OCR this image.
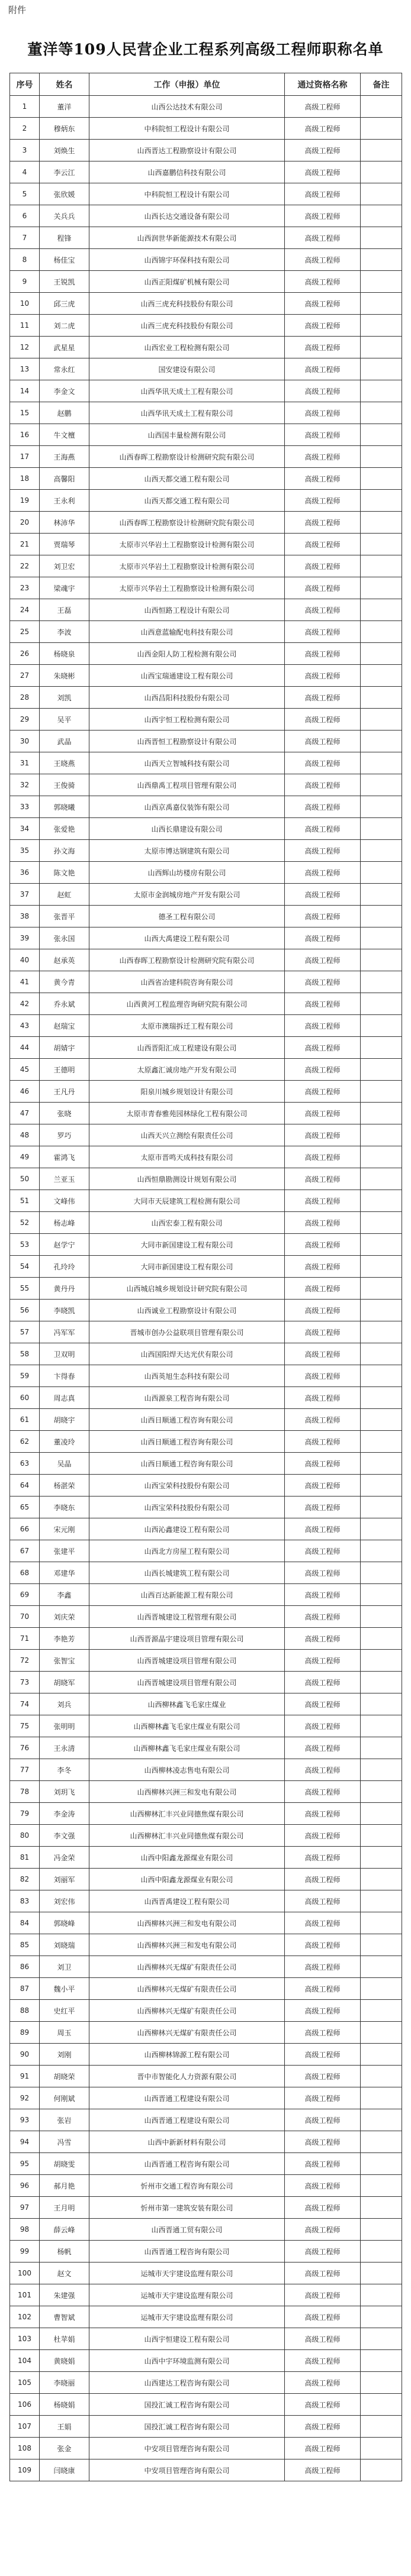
附件
董洋等109人民营企业工程系列高级工程师职称名单
序号	姓名	工作（申报）单位	通过资格名称	备注
1	董洋	山西公达技术有限公司	高级工程师	
2	穆炳东	中科院恒工程设计有限公司	高级工程师	
3	刘焕生	山西晋达工程勘察设计有限公司	高级工程师	
4	李云江	山西嘉鹏信科技有限公司	高级工程师	
5	张欣媛	中科院恒工程设计有限公司	高级工程师	
6	关兵兵	山西长达交通设备有限公司	高级工程师	
7	程锋	山西润世华新能源技术有限公司	高级工程师	
8	杨佳宝	山西锦宇环保科技有限公司	高级工程师	
9	王锐凯	山西正阳煤矿机械有限公司	高级工程师	
10	邱三虎	山西三虎充科技股份有限公司	高级工程师	
11	刘二虎	山西三虎充科技股份有限公司	高级工程师	
12	武星星	山西宏业工程检测有限公司	高级工程师	
13	常永红	国安建设有限公司	高级工程师	
14	李金文	山西华讯天成土工程有限公司	高级工程师	
15	赵鹏	山西华讯天成土工程有限公司	高级工程师	
16	牛文檀	山西国丰量检测有限公司	高级工程师	
17	王海燕	山西春晖工程勘察设计检测研究院有限公司	高级工程师	
18	高馨阳	山西天都交通工程有限公司	高级工程师	
19	王永利	山西天都交通工程有限公司	高级工程师	
20	林沛华	山西春晖工程勘察设计检测研究院有限公司	高级工程师	
21	贾瑞琴	太原市兴华岩土工程勘察设计检测有限公司	高级工程师	
22	刘卫宏	太原市兴华岩土工程勘察设计检测有限公司	高级工程师	
23	梁魂宇	太原市兴华岩土工程勘察设计检测有限公司	高级工程师	
24	王磊	山西恒路工程设计有限公司	高级工程师	
25	李波	山西意蓝输配电科技有限公司	高级工程师	
26	杨晓泉	山西金阳人防工程检测有限公司	高级工程师	
27	朱晓彬	山西宝瑞通建设工程有限公司	高级工程师	
28	刘凯	山西昌阳科技股份有限公司	高级工程师	
29	吴平	山西宇恒工程检测有限公司	高级工程师	
30	武晶	山西晋恒工程勘察设计有限公司	高级工程师	
31	王晓燕	山西天立智城科技有限公司	高级工程师	
32	王俊骑	山西鼎禹工程项目管理有限公司	高级工程师	
33	郭晓曦	山西京禹嘉仪装饰有限公司	高级工程师	
34	张爱艳	山西长鼎建设有限公司	高级工程师	
35	孙文海	太原市博达钢建筑有限公司	高级工程师	
36	陈文艳	山西辉山坊楼房有限公司	高级工程师	
37	赵虹	太原市金润城房地产开发有限公司	高级工程师	
38	张晋平	德圣工程有限公司	高级工程师	
39	张永国	山西大禹建设工程有限公司	高级工程师	
40	赵承英	山西春晖工程勘察设计检测研究院有限公司	高级工程师	
41	黄今青	山西省冶建科院咨询有限公司	高级工程师	
42	乔永斌	山西黄河工程监理咨询研究院有限公司	高级工程师	
43	赵瑞宝	太原市澳瑞拆迁工程有限公司	高级工程师	
44	胡婧宇	山西晋阳汇成工程建设有限公司	高级工程师	
45	王德明	太原鑫汇诚房地产开发有限公司	高级工程师	
46	王凡丹	阳泉川城乡规划设计有限公司	高级工程师	
47	张晓	太原市青春雅苑园林绿化工程有限公司	高级工程师	
48	罗巧	山西天兴立测绘有限责任公司	高级工程师	
49	霍鸿飞	太原市晋鸣天成科技有限公司	高级工程师	
50	兰亚玉	山西恒鼎勘测设计规划有限公司	高级工程师	
51	文峰伟	大同市天辰建筑工程检测有限公司	高级工程师	
52	杨志峰	山西宏泰工程有限公司	高级工程师	
53	赵学宁	大同市新国建设工程有限公司	高级工程师	
54	孔玲玲	大同市新国建设工程有限公司	高级工程师	
55	黄丹丹	山西城启城乡规划设计研究院有限公司	高级工程师	
56	李晓凯	山西诚业工程勘察设计有限公司	高级工程师	
57	冯军军	晋城市创办公益联项目管理有限公司	高级工程师	
58	卫双明	山西国阳焊天达光伏有限公司	高级工程师	
59	卞得春	山西英旭生态科技有限公司	高级工程师	
60	周志真	山西源泉工程咨询有限公司	高级工程师	
61	胡晓宇	山西日顺通工程咨询有限公司	高级工程师	
62	董凌玲	山西日顺通工程咨询有限公司	高级工程师	
63	吴晶	山西日顺通工程咨询有限公司	高级工程师	
64	杨湛荣	山西宝荣科技股份有限公司	高级工程师	
65	李晓东	山西宝荣科技股份有限公司	高级工程师	
66	宋元刚	山西沁鑫建设工程有限公司	高级工程师	
67	张建平	山西北方房屋工程有限公司	高级工程师	
68	邓建华	山西长城建筑工程有限公司	高级工程师	
69	李鑫	山西百达新能源工程有限公司	高级工程师	
70	刘庆荣	山西晋城建设工程管理有限公司	高级工程师	
71	李艳芳	山西晋源晶宇建设项目管理有限公司	高级工程师	
72	张智宝	山西晋城建设项目管理有限公司	高级工程师	
73	胡晓军	山西晋城建设项目管理有限公司	高级工程师	
74	刘兵	山西柳林鑫飞毛家庄煤业	高级工程师	
75	张明明	山西柳林鑫飞毛家庄煤业有限公司	高级工程师	
76	王永清	山西柳林鑫飞毛家庄煤业有限公司	高级工程师	
77	李冬	山西柳林凌志售电有限公司	高级工程师	
78	刘玥飞	山西柳林兴洲三和发电有限公司	高级工程师	
79	李金涛	山西柳林汇丰兴业同德焦煤有限公司	高级工程师	
80	李文强	山西柳林汇丰兴业同德焦煤有限公司	高级工程师	
81	冯金荣	山西中阳鑫龙源煤业有限公司	高级工程师	
82	刘丽军	山西中阳鑫龙源煤业有限公司	高级工程师	
83	刘宏伟	山西晋禹建设工程有限公司	高级工程师	
84	郭晓峰	山西柳林兴洲三和发电有限公司	高级工程师	
85	刘晓瑞	山西柳林兴洲三和发电有限公司	高级工程师	
86	刘卫	山西柳林兴无煤矿有限责任公司	高级工程师	
87	魏小平	山西柳林兴无煤矿有限责任公司	高级工程师	
88	史红平	山西柳林兴无煤矿有限责任公司	高级工程师	
89	周玉	山西柳林兴无煤矿有限责任公司	高级工程师	
90	刘刚	山西柳林锦源工程有限公司	高级工程师	
91	胡晓荣	晋中市智能化人力资源有限公司	高级工程师	
92	何刚斌	山西晋通工程建设有限公司	高级工程师	
93	张岩	山西晋通工程建设有限公司	高级工程师	
94	冯雪	山西中新新材料有限公司	高级工程师	
95	胡晓雯	山西晋通工程咨询有限公司	高级工程师	
96	郝月艳	忻州市交通工程咨询有限公司	高级工程师	
97	王月明	忻州市第一建筑安装有限公司	高级工程师	
98	薛云峰	山西晋通工贸有限公司	高级工程师	
99	杨帆	山西晋通工程咨询有限公司	高级工程师	
100	赵文	运城市天宇建设监理有限公司	高级工程师	
101	朱建强	运城市天宇建设监理有限公司	高级工程师	
102	曹智斌	运城市天宇建设监理有限公司	高级工程师	
103	杜苹娟	山西宇恒建设工程有限公司	高级工程师	
104	黄晓娟	山西中宇环境监测有限公司	高级工程师	
105	李晓丽	山西建达工程咨询有限公司	高级工程师	
106	杨晓娟	国投汇诚工程咨询有限公司	高级工程师	
107	王娟	国投汇诚工程咨询有限公司	高级工程师	
108	张金	中安项目管理咨询有限公司	高级工程师	
109	闫晓康	中安项目管理咨询有限公司	高级工程师	
